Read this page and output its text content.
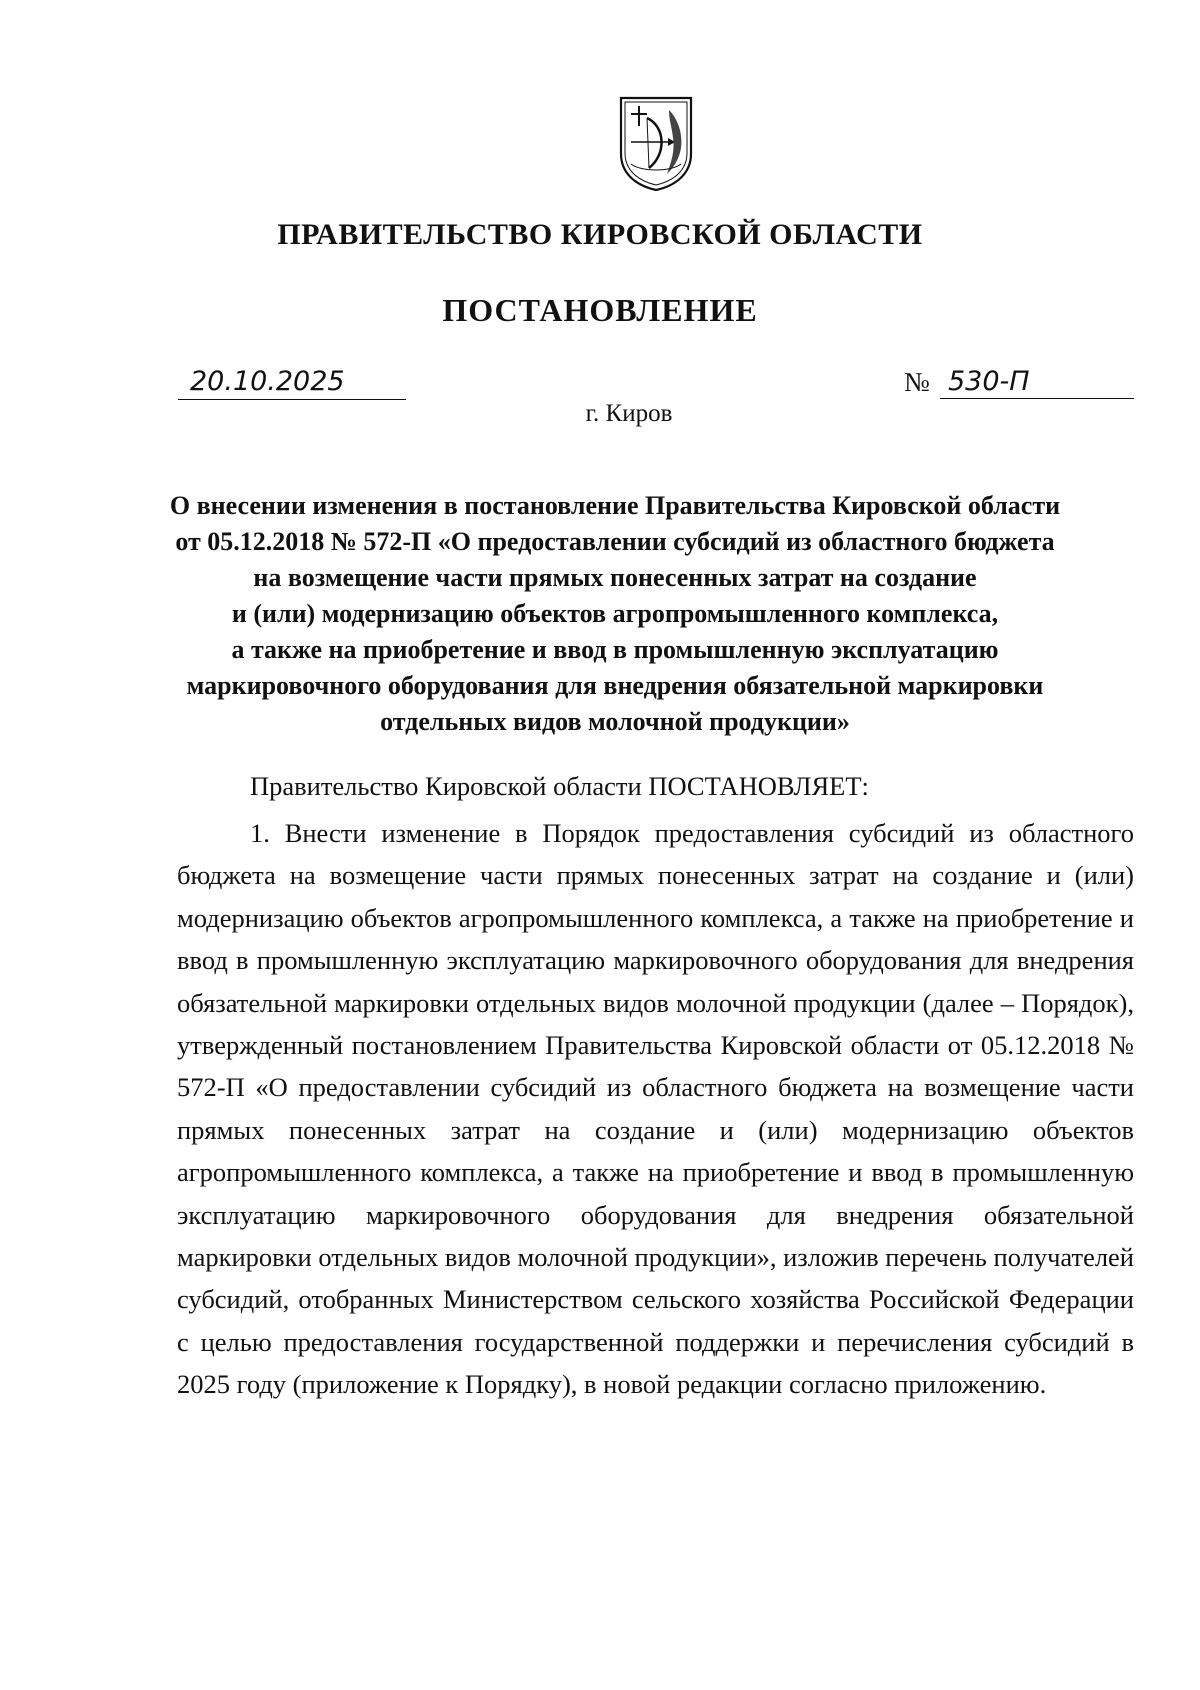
ПРАВИТЕЛЬСТВО КИРОВСКОЙ ОБЛАСТИ
ПОСТАНОВЛЕНИЕ
20.10.2025	№ 530-П
г. Киров

О внесении изменения в постановление Правительства Кировской области
от 05.12.2018 № 572-П «О предоставлении субсидий из областного бюджета
на возмещение части прямых понесенных затрат на создание
и (или) модернизацию объектов агропромышленного комплекса,
а также на приобретение и ввод в промышленную эксплуатацию
маркировочного оборудования для внедрения обязательной маркировки
отдельных видов молочной продукции»

Правительство Кировской области ПОСТАНОВЛЯЕТ:

1. Внести изменение в Порядок предоставления субсидий из областного бюджета на возмещение части прямых понесенных затрат на создание и (или) модернизацию объектов агропромышленного комплекса, а также на приобретение и ввод в промышленную эксплуатацию маркировочного оборудования для внедрения обязательной маркировки отдельных видов молочной продукции (далее – Порядок), утвержденный постановлением Правительства Кировской области от 05.12.2018 № 572-П «О предоставлении субсидий из областного бюджета на возмещение части прямых понесенных затрат на создание и (или) модернизацию объектов агропромышленного комплекса, а также на приобретение и ввод в промышленную эксплуатацию маркировочного оборудования для внедрения обязательной маркировки отдельных видов молочной продукции», изложив перечень получателей субсидий, отобранных Министерством сельского хозяйства Российской Федерации с целью предоставления государственной поддержки и перечисления субсидий в 2025 году (приложение к Порядку), в новой редакции согласно приложению.
